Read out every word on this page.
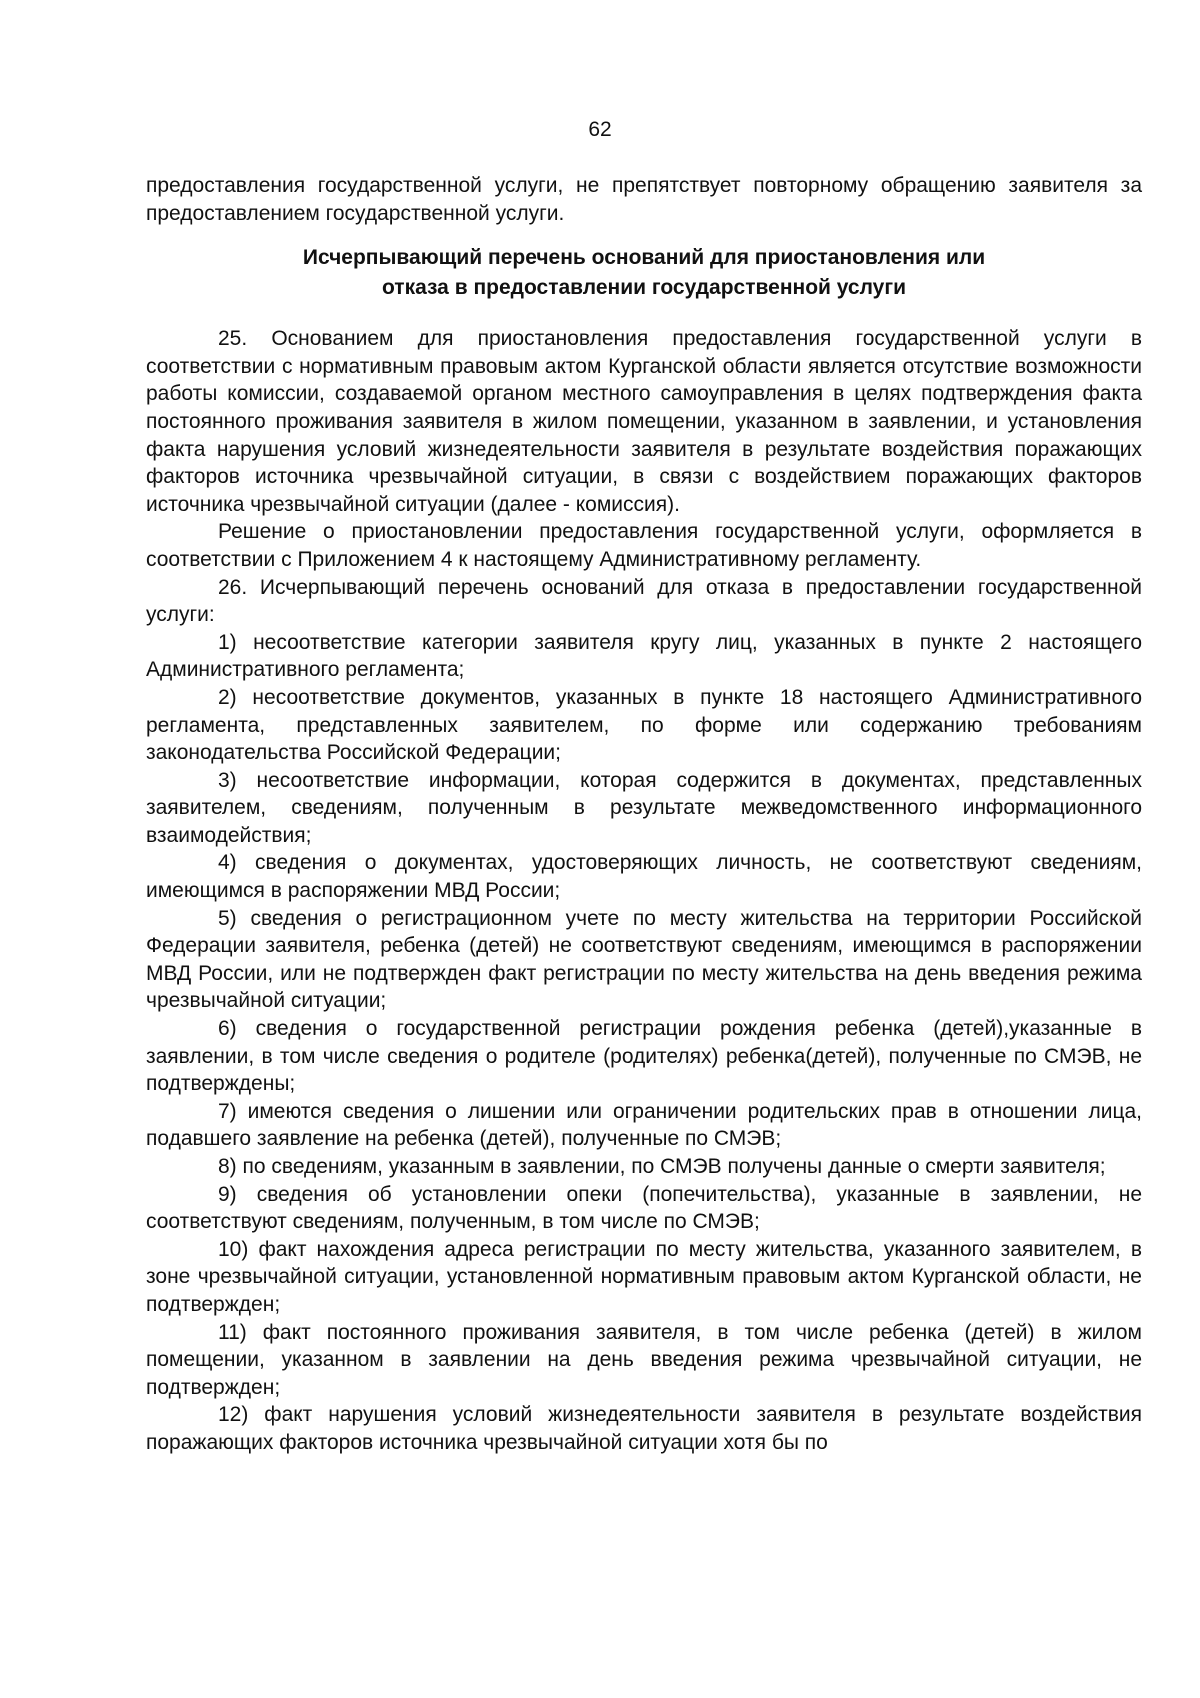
62

предоставления государственной услуги, не препятствует повторному обращению заявителя за предоставлением государственной услуги.

Исчерпывающий перечень оснований для приостановления или
отказа в предоставлении государственной услуги

25. Основанием для приостановления предоставления государственной услуги в соответствии с нормативным правовым актом Курганской области является отсутствие возможности работы комиссии, создаваемой органом местного самоуправления в целях подтверждения факта постоянного проживания заявителя в жилом помещении, указанном в заявлении, и установления факта нарушения условий жизнедеятельности заявителя в результате воздействия поражающих факторов источника чрезвычайной ситуации, в связи с воздействием поражающих факторов источника чрезвычайной ситуации (далее - комиссия).

Решение о приостановлении предоставления государственной услуги, оформляется в соответствии с Приложением 4 к настоящему Административному регламенту.

26. Исчерпывающий перечень оснований для отказа в предоставлении государственной услуги:

1) несоответствие категории заявителя кругу лиц, указанных в пункте 2 настоящего Административного регламента;

2) несоответствие документов, указанных в пункте 18 настоящего Административного регламента, представленных заявителем, по форме или содержанию требованиям законодательства Российской Федерации;

3) несоответствие информации, которая содержится в документах, представленных заявителем, сведениям, полученным в результате межведомственного информационного взаимодействия;

4) сведения о документах, удостоверяющих личность, не соответствуют сведениям, имеющимся в распоряжении МВД России;

5) сведения о регистрационном учете по месту жительства на территории Российской Федерации заявителя, ребенка (детей) не соответствуют сведениям, имеющимся в распоряжении МВД России, или не подтвержден факт регистрации по месту жительства на день введения режима чрезвычайной ситуации;

6) сведения о государственной регистрации рождения ребенка (детей),указанные в заявлении, в том числе сведения о родителе (родителях) ребенка(детей), полученные по СМЭВ, не подтверждены;

7) имеются сведения о лишении или ограничении родительских прав в отношении лица, подавшего заявление на ребенка (детей), полученные по СМЭВ;

8) по сведениям, указанным в заявлении, по СМЭВ получены данные о смерти заявителя;

9) сведения об установлении опеки (попечительства), указанные в заявлении, не соответствуют сведениям, полученным, в том числе по СМЭВ;

10) факт нахождения адреса регистрации по месту жительства, указанного заявителем, в зоне чрезвычайной ситуации, установленной нормативным правовым актом Курганской области, не подтвержден;

11) факт постоянного проживания заявителя, в том числе ребенка (детей) в жилом помещении, указанном в заявлении на день введения режима чрезвычайной ситуации, не подтвержден;

12) факт нарушения условий жизнедеятельности заявителя в результате воздействия поражающих факторов источника чрезвычайной ситуации хотя бы по
